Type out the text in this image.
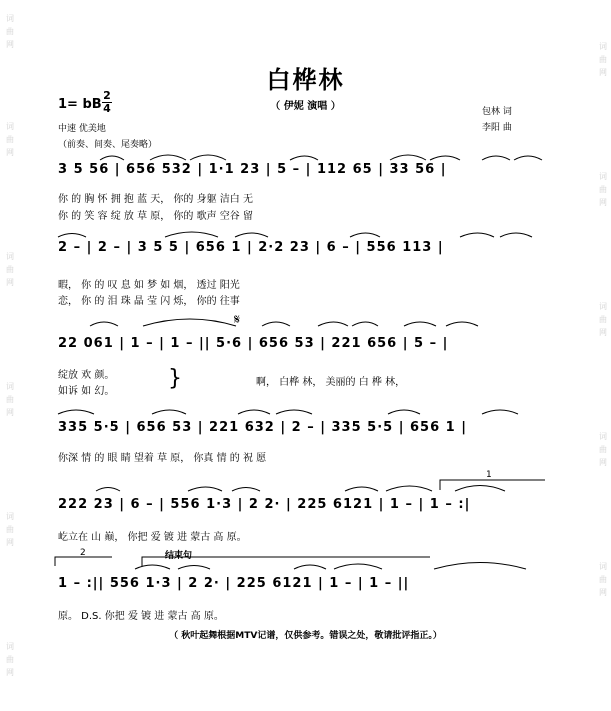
词曲网
词曲网
词曲网
词曲网
词曲网
词曲网
词曲网
词曲网
词曲网
词曲网
词曲网
白桦林
（ 伊妮 演唱 ）
1= bB
2
4
中速 优美地
（前奏、间奏、尾奏略）
包林 词
李阳 曲
1
2	结束句
𝄋
3 5 56 | 656 532 | 1·1 23 | 5 – | 112 65 | 33 56 |
你 的 胸 怀 拥 抱 蓝 天， 你的 身躯 洁白 无
你 的 笑 容 绽 放 草 原， 你的 歌声 空谷 留
2 – | 2 – | 3 5 5 | 656 1 | 2·2 23 | 6 – | 556 113 |
暇， 你 的 叹 息 如 梦 如 烟， 透过 阳光
恋， 你 的 泪 珠 晶 莹 闪 烁， 你的 往事
22 061 | 1 – | 1 – || 5·6 | 656 53 | 221 656 | 5 – |
绽放 欢 颜。
如诉 如 幻。
}	啊， 白桦 林， 美丽的 白 桦 林，
335 5·5 | 656 53 | 221 632 | 2 – | 335 5·5 | 656 1 |
你深 情 的 眼 睛 望着 草 原， 你真 情 的 祝 愿
222 23 | 6 – | 556 1·3 | 2 2· | 225 6121 | 1 – | 1 – :|
屹立在 山 巅， 你把 爱 镀 进 蒙古 高 原。
1 – :|| 556 1·3 | 2 2· | 225 6121 | 1 – | 1 – ||
原。 D.S. 你把 爱 镀 进 蒙古 高 原。
（ 秋叶起舞根据MTV记谱，仅供参考。错误之处，敬请批评指正。）
